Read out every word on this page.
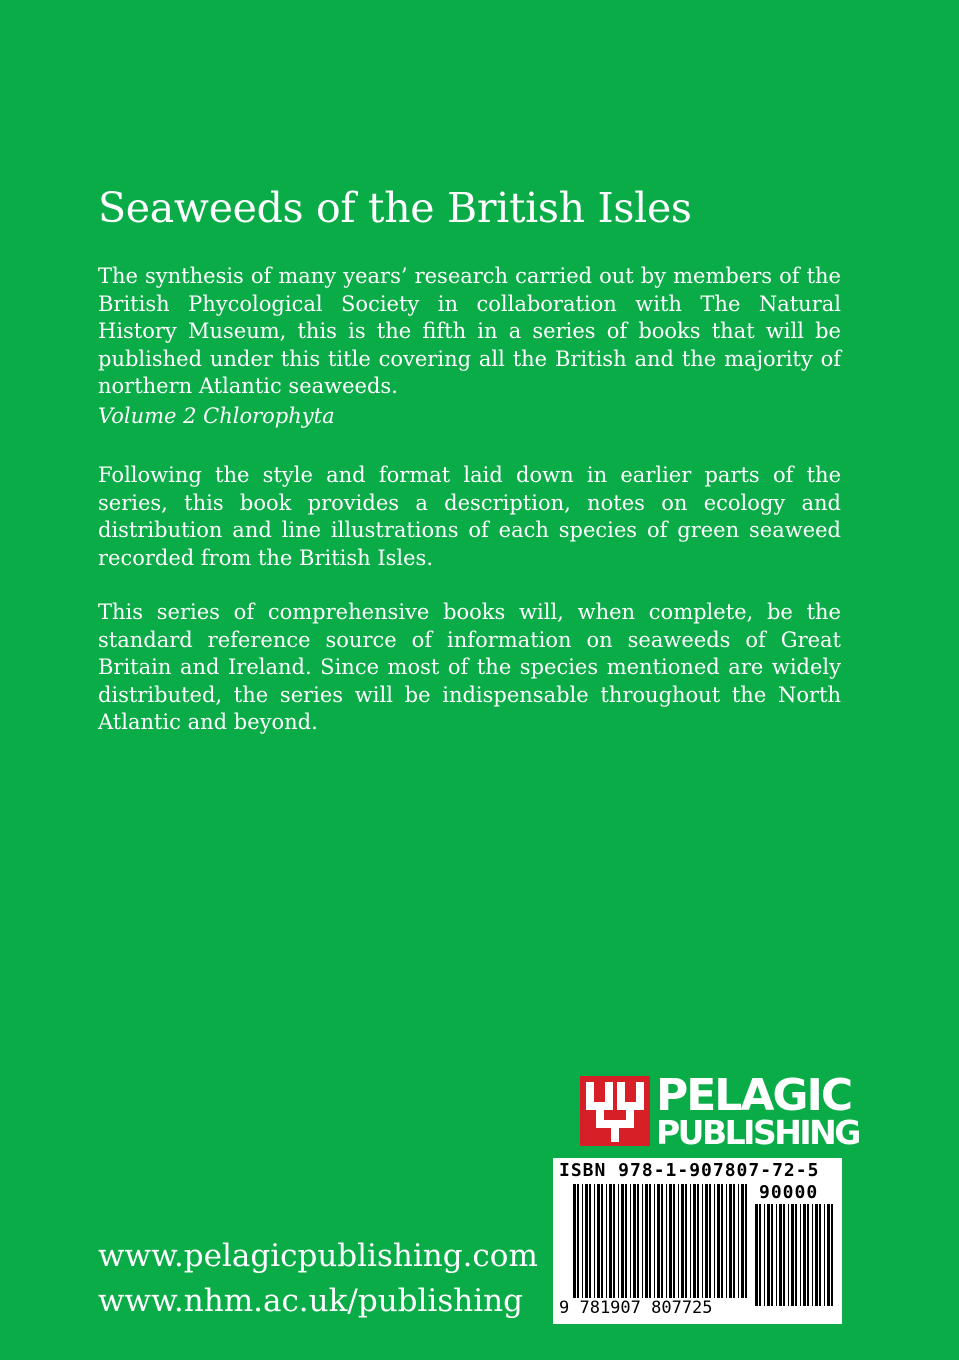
Seaweeds of the British Isles

The synthesis of many years’ research carried out by members of the British Phycological Society in collaboration with The Natural History Museum, this is the fifth in a series of books that will be published under this title covering all the British and the majority of northern Atlantic seaweeds.

Volume 2 Chlorophyta

Following the style and format laid down in earlier parts of the series, this book provides a description, notes on ecology and distribution and line illustrations of each species of green seaweed recorded from the British Isles.

This series of comprehensive books will, when complete, be the standard reference source of information on seaweeds of Great Britain and Ireland. Since most of the species mentioned are widely distributed, the series will be indispensable throughout the North Atlantic and beyond.

PELAGIC
PUBLISHING
ISBN 978-1-907807-72-5
90000
9 781907 807725
www.pelagicpublishing.com
www.nhm.ac.uk/publishing
